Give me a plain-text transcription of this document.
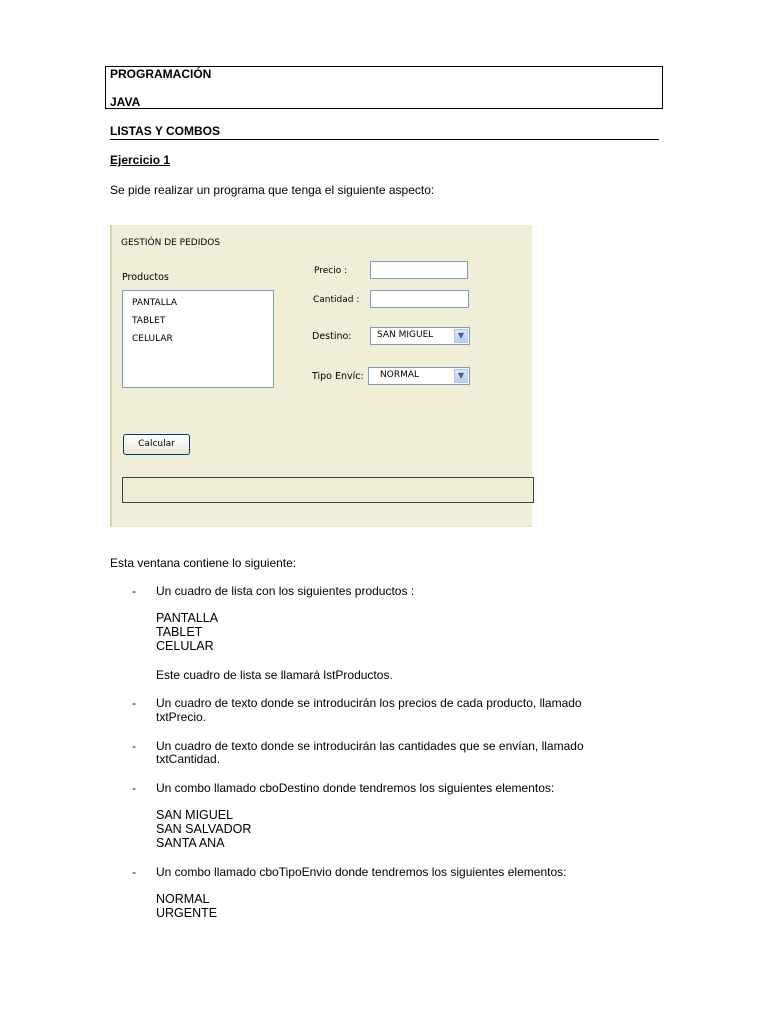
PROGRAMACIÓN
JAVA
LISTAS Y COMBOS
Ejercicio 1
Se pide realizar un programa que tenga el siguiente aspecto:
GESTIÓN DE PEDIDOS
Productos
PANTALLA
TABLET
CELULAR
Precio :
Cantidad :
Destino:	SAN MIGUEL	▼
Tipo Envíc: NORMAL	▼
Calcular
Esta ventana contiene lo siguiente:
- Un cuadro de lista con los siguientes productos :
PANTALLA
TABLET
CELULAR
Este cuadro de lista se llamará lstProductos.
- Un cuadro de texto donde se introducirán los precios de cada producto, llamado
txtPrecio.
- Un cuadro de texto donde se introducirán las cantidades que se envían, llamado
txtCantidad.
- Un combo llamado cboDestino donde tendremos los siguientes elementos:
SAN MIGUEL
SAN SALVADOR
SANTA ANA
- Un combo llamado cboTipoEnvio donde tendremos los siguientes elementos:
NORMAL
URGENTE
